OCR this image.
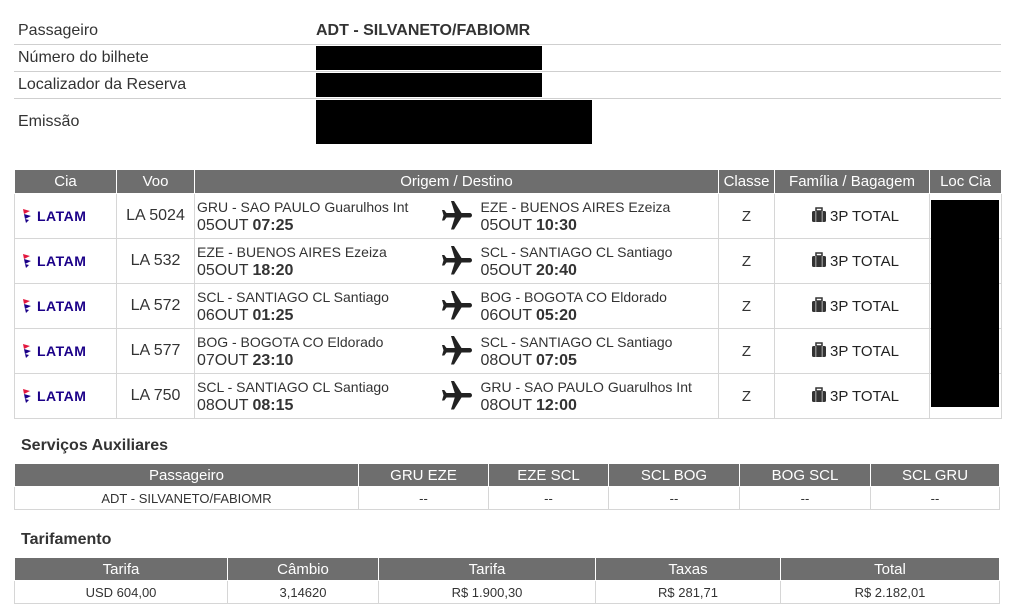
Passageiro	ADT - SILVANETO/FABIOMR
Número do bilhete
Localizador da Reserva
Emissão
Cia	Voo	Origem / Destino	Classe	Família / Bagagem	Loc Cia

LATAM	LA 5024	GRU - SAO PAULO Guarulhos Int
05OUT 07:25
EZE - BUENOS AIRES Ezeiza
05OUT 10:30	Z	3P TOTAL	

LATAM	LA 532	EZE - BUENOS AIRES Ezeiza
05OUT 18:20
SCL - SANTIAGO CL Santiago
05OUT 20:40	Z	3P TOTAL	

LATAM	LA 572	SCL - SANTIAGO CL Santiago
06OUT 01:25
BOG - BOGOTA CO Eldorado
06OUT 05:20	Z	3P TOTAL	

LATAM	LA 577	BOG - BOGOTA CO Eldorado
07OUT 23:10
SCL - SANTIAGO CL Santiago
08OUT 07:05	Z	3P TOTAL	

LATAM	LA 750	SCL - SANTIAGO CL Santiago
08OUT 08:15
GRU - SAO PAULO Guarulhos Int
08OUT 12:00	Z	3P TOTAL	
Serviços Auxiliares
Passageiro	GRU EZE	EZE SCL	SCL BOG	BOG SCL	SCL GRU
ADT - SILVANETO/FABIOMR	--	--	--	--	--
Tarifamento
Tarifa	Câmbio	Tarifa	Taxas	Total
USD 604,00	3,14620	R$ 1.900,30	R$ 281,71	R$ 2.182,01
